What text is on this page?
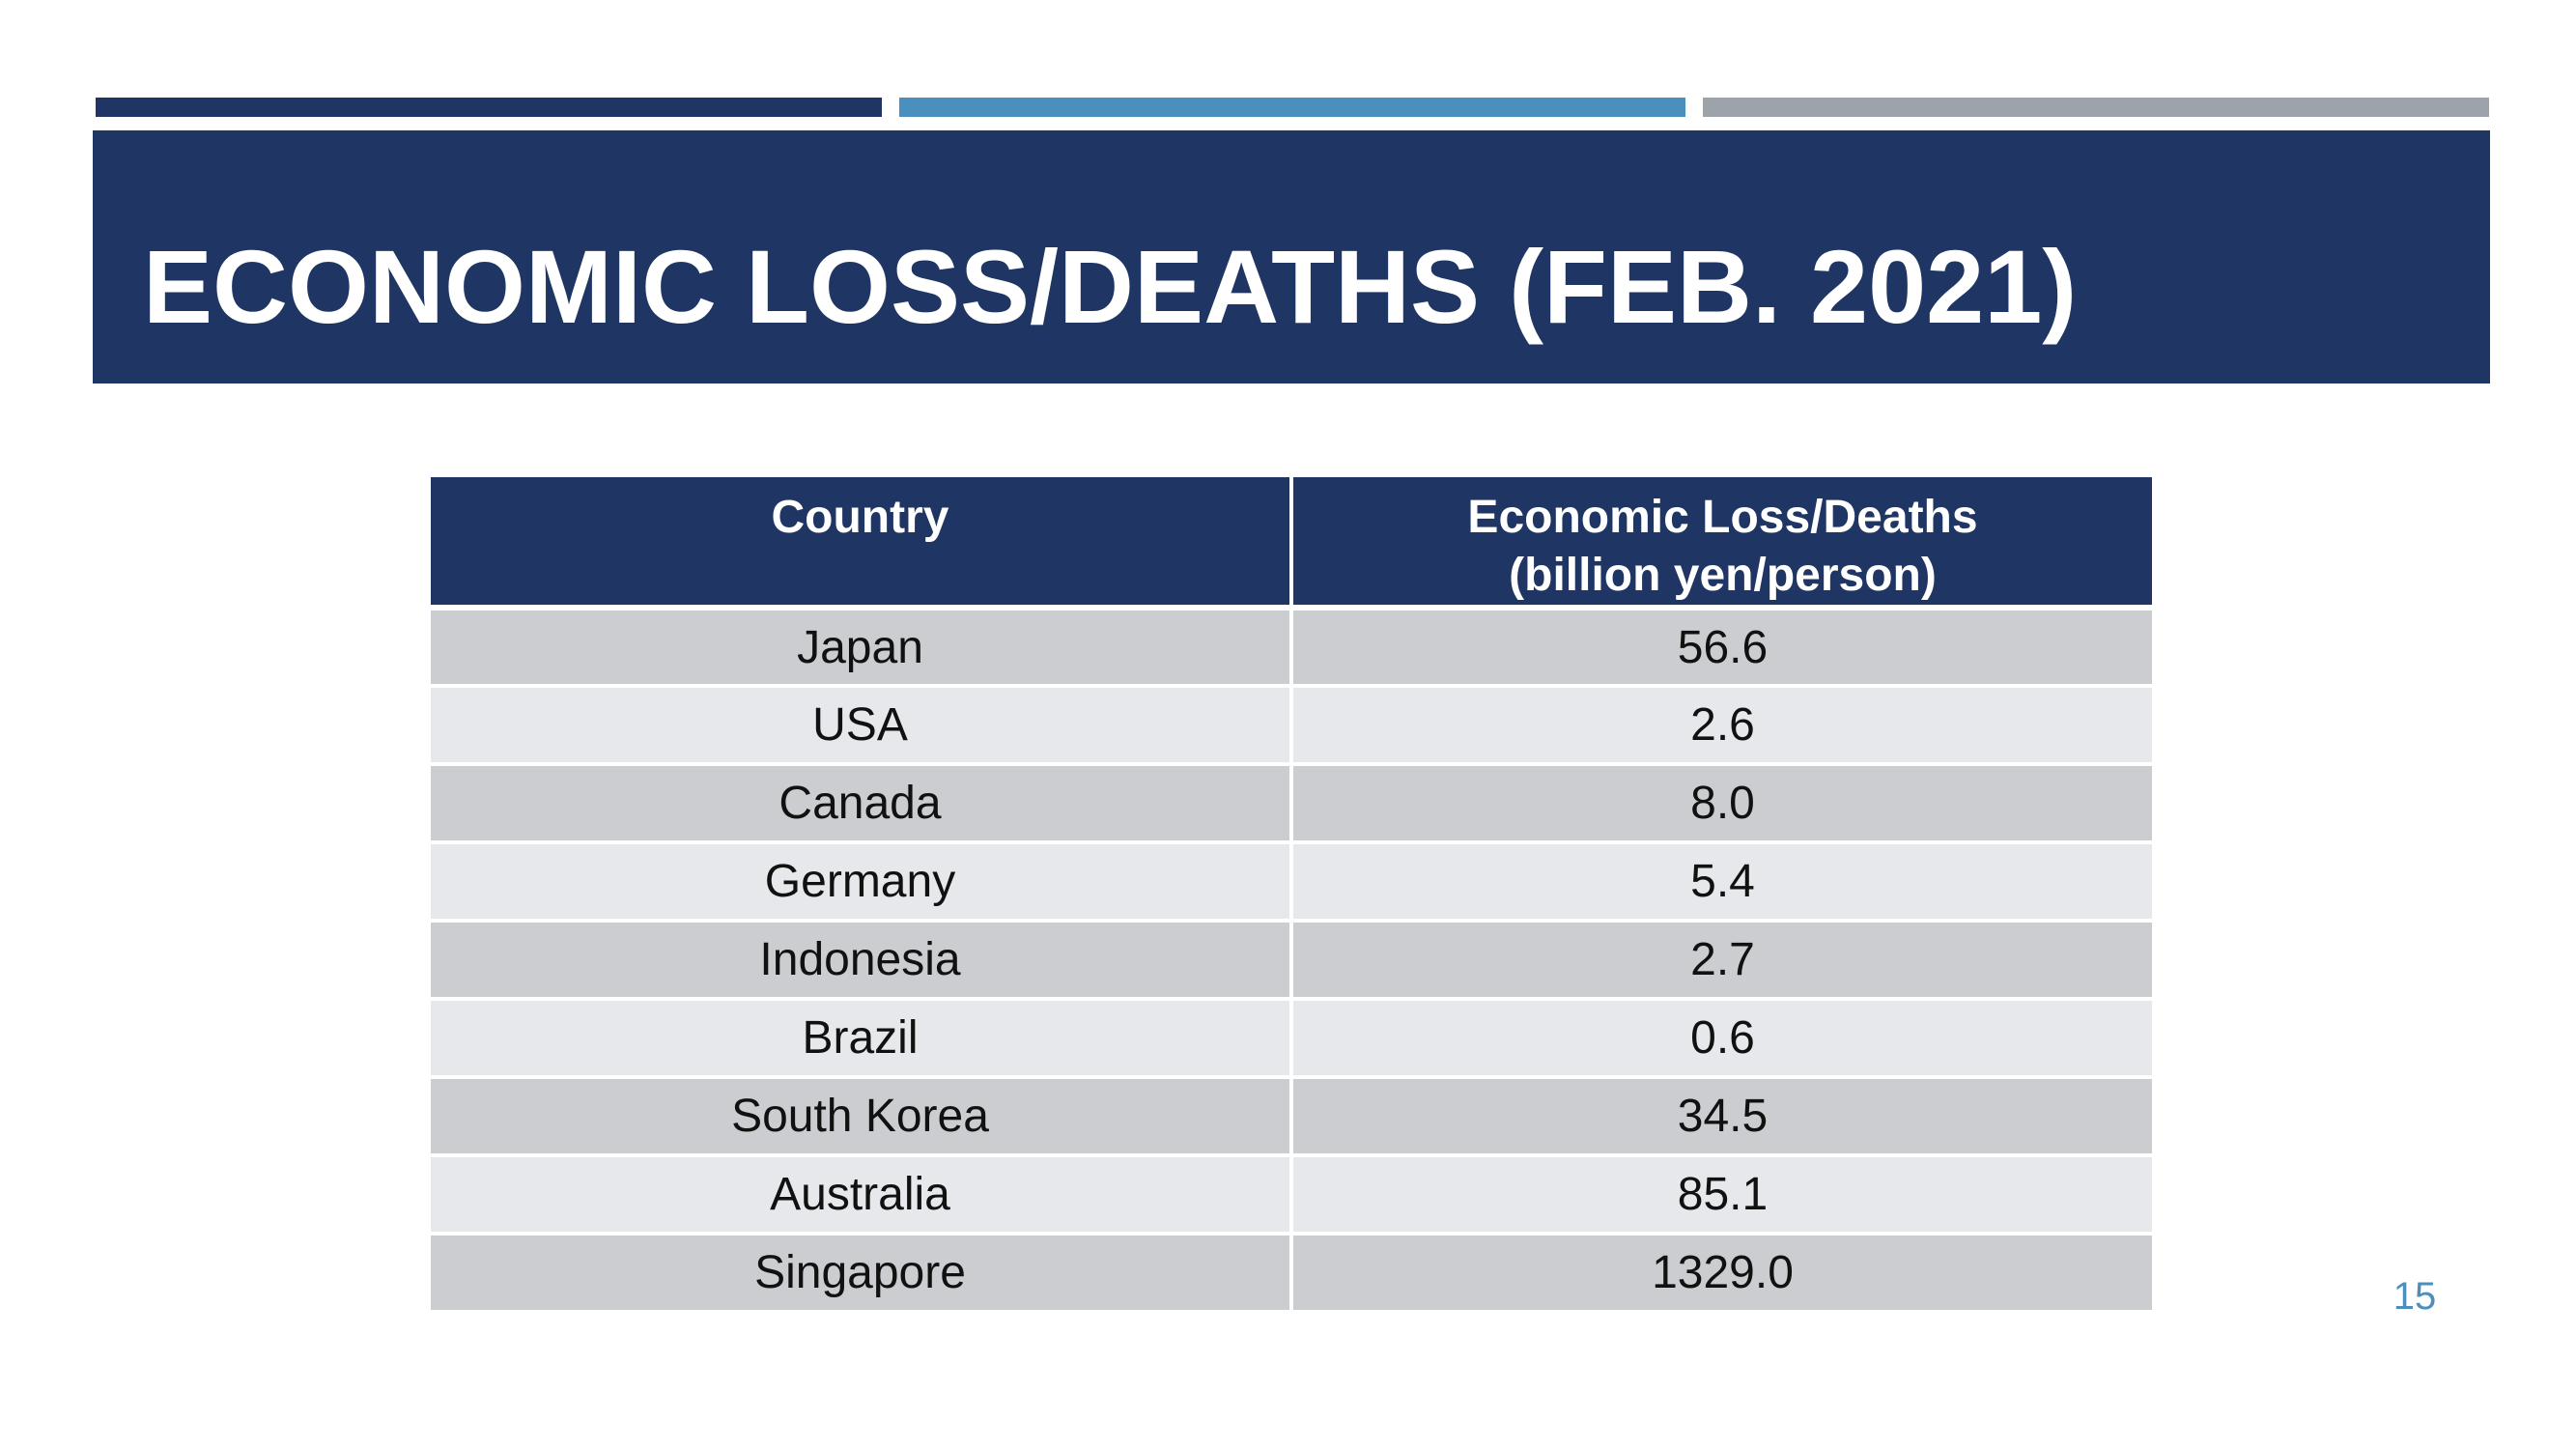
ECONOMIC LOSS/DEATHS (FEB. 2021)
Country	Economic Loss/Deaths
(billion yen/person)

Japan	56.6
USA	2.6
Canada	8.0
Germany	5.4
Indonesia	2.7
Brazil	0.6
South Korea	34.5
Australia	85.1
Singapore	1329.0	15
